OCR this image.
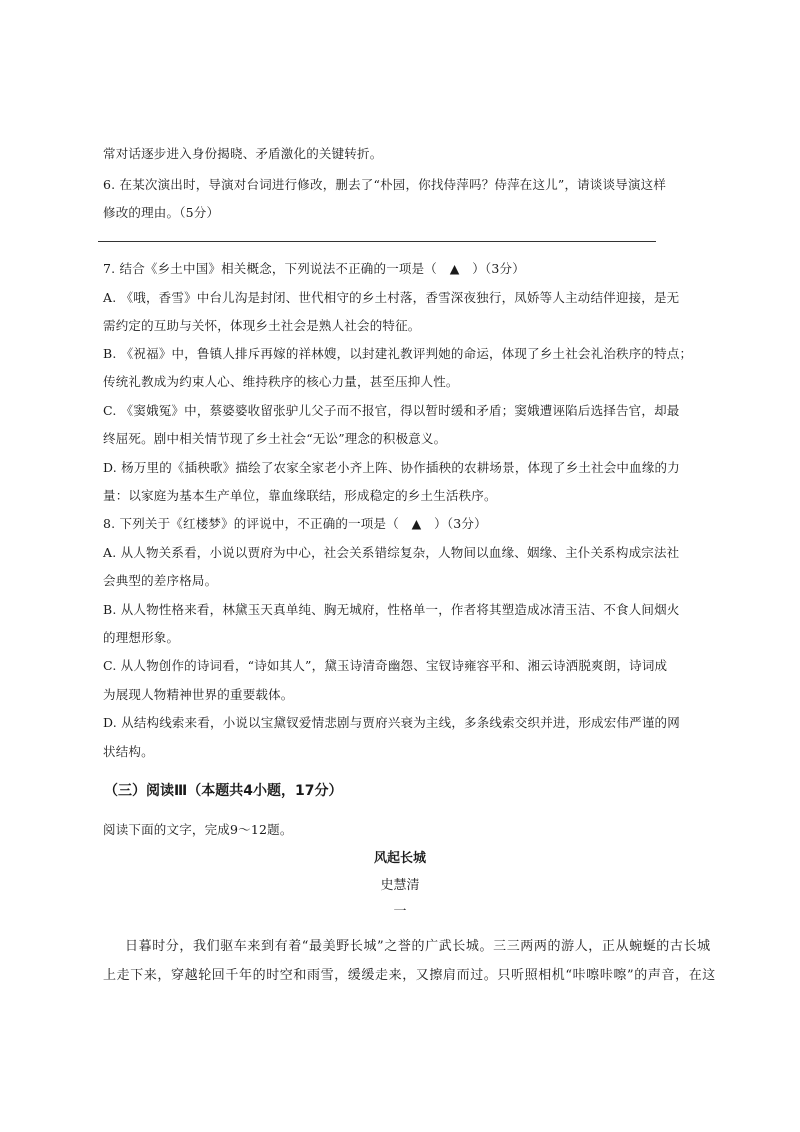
常对话逐步进入身份揭晓、矛盾激化的关键转折。
6. 在某次演出时，导演对台词进行修改，删去了“朴园，你找侍萍吗？侍萍在这儿”，请谈谈导演这样
修改的理由。（5分）
7. 结合《乡土中国》相关概念，下列说法不正确的一项是（　▲　）（3分）
A. 《哦，香雪》中台儿沟是封闭、世代相守的乡土村落，香雪深夜独行，凤娇等人主动结伴迎接，是无
需约定的互助与关怀，体现乡土社会是熟人社会的特征。
B. 《祝福》中，鲁镇人排斥再嫁的祥林嫂，以封建礼教评判她的命运，体现了乡土社会礼治秩序的特点；
传统礼教成为约束人心、维持秩序的核心力量，甚至压抑人性。
C. 《窦娥冤》中，蔡婆婆收留张驴儿父子而不报官，得以暂时缓和矛盾；窦娥遭诬陷后选择告官，却最
终屈死。剧中相关情节现了乡土社会“无讼”理念的积极意义。
D. 杨万里的《插秧歌》描绘了农家全家老小齐上阵、协作插秧的农耕场景，体现了乡土社会中血缘的力
量：以家庭为基本生产单位，靠血缘联结，形成稳定的乡土生活秩序。
8. 下列关于《红楼梦》的评说中，不正确的一项是（　▲　）（3分）
A. 从人物关系看，小说以贾府为中心，社会关系错综复杂，人物间以血缘、姻缘、主仆关系构成宗法社
会典型的差序格局。
B. 从人物性格来看，林黛玉天真单纯、胸无城府，性格单一，作者将其塑造成冰清玉洁、不食人间烟火
的理想形象。
C. 从人物创作的诗词看，“诗如其人”，黛玉诗清奇幽怨、宝钗诗雍容平和、湘云诗洒脱爽朗，诗词成
为展现人物精神世界的重要载体。
D. 从结构线索来看，小说以宝黛钗爱情悲剧与贾府兴衰为主线，多条线索交织并进，形成宏伟严谨的网
状结构。
（三）阅读Ⅲ（本题共4小题，17分）
阅读下面的文字，完成9～12题。
风起长城
史慧清
一
日暮时分，我们驱车来到有着“最美野长城”之誉的广武长城。三三两两的游人，正从蜿蜒的古长城
上走下来，穿越轮回千年的时空和雨雪，缓缓走来，又擦肩而过。只听照相机“咔嚓咔嚓”的声音，在这
